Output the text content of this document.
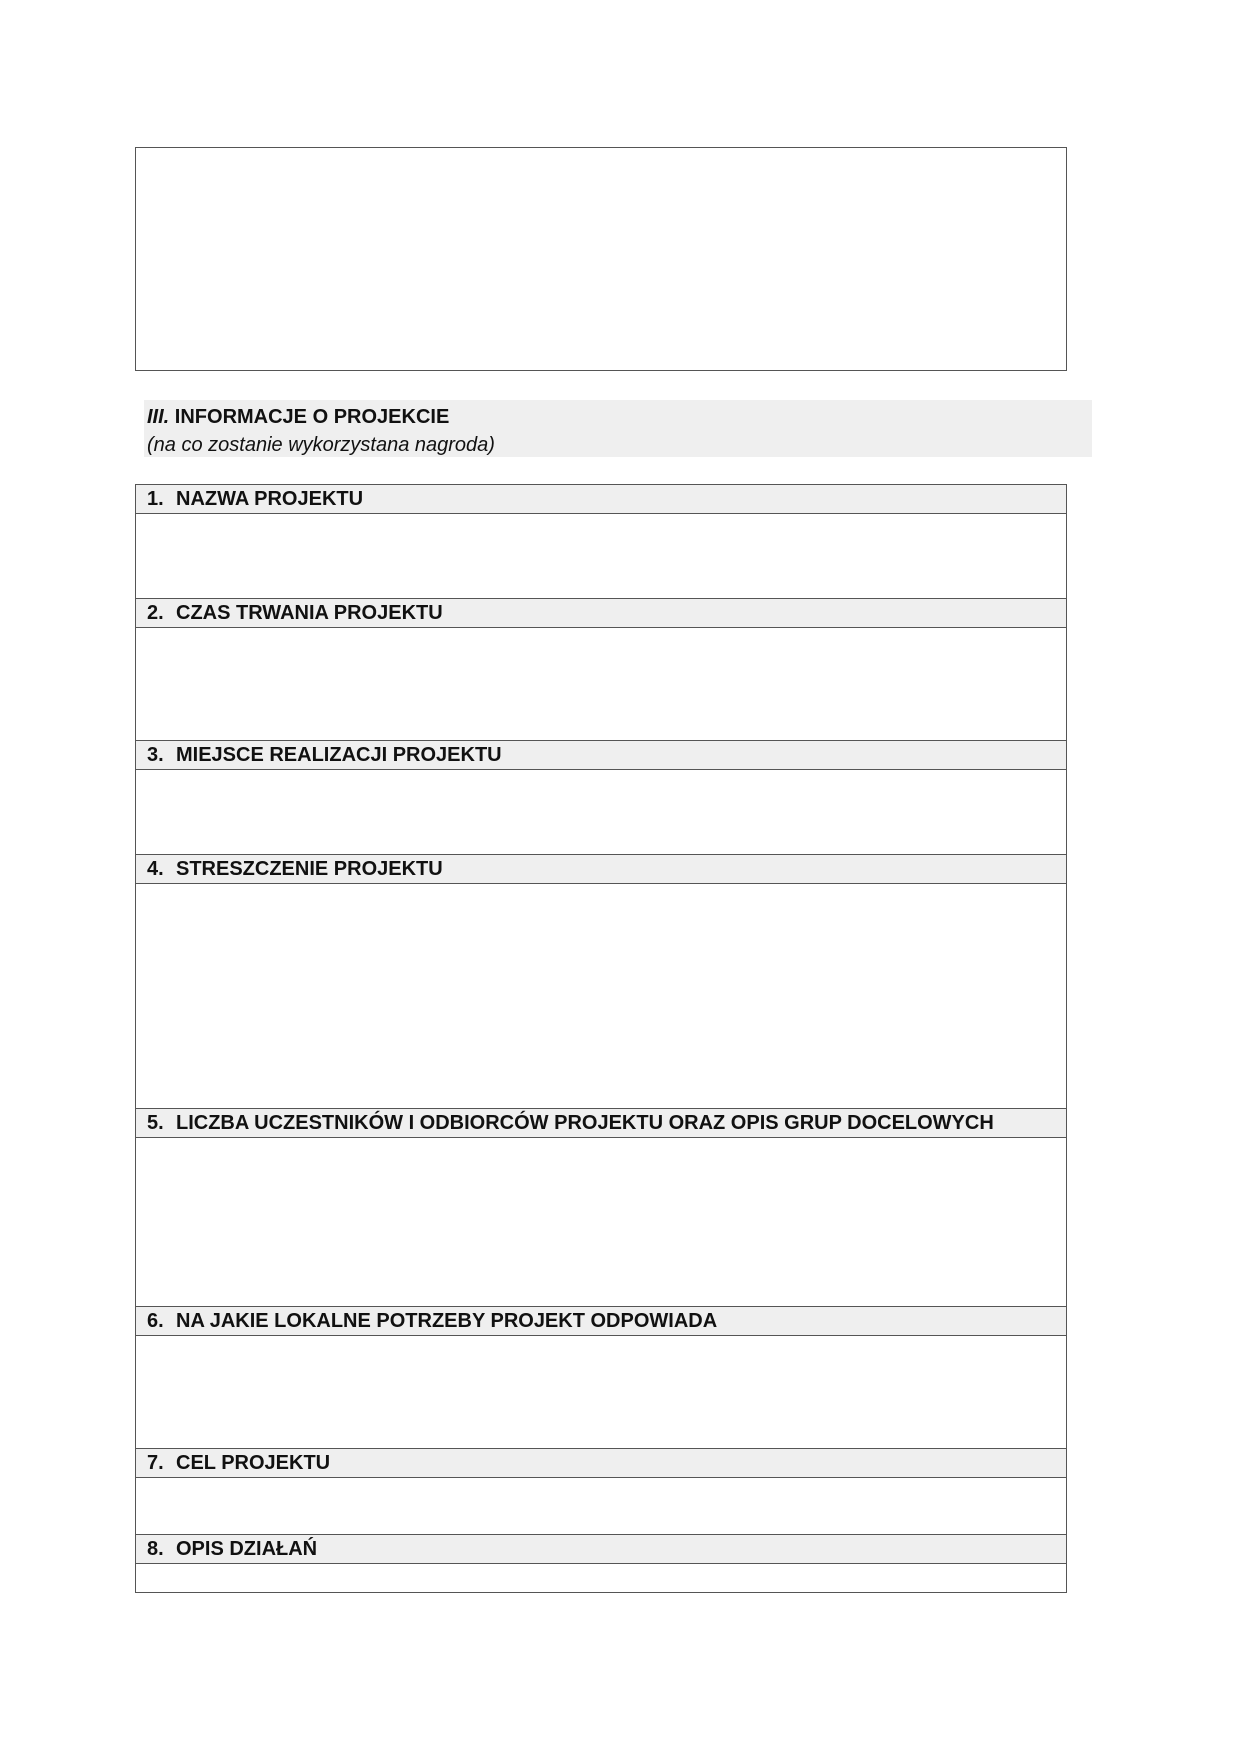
III. INFORMACJE O PROJEKCIE
(na co zostanie wykorzystana nagroda)
1. NAZWA PROJEKTU
2. CZAS TRWANIA PROJEKTU
3. MIEJSCE REALIZACJI PROJEKTU
4. STRESZCZENIE PROJEKTU
5. LICZBA UCZESTNIKÓW I ODBIORCÓW PROJEKTU ORAZ OPIS GRUP DOCELOWYCH
6. NA JAKIE LOKALNE POTRZEBY PROJEKT ODPOWIADA
7. CEL PROJEKTU
8. OPIS DZIAŁAŃ
